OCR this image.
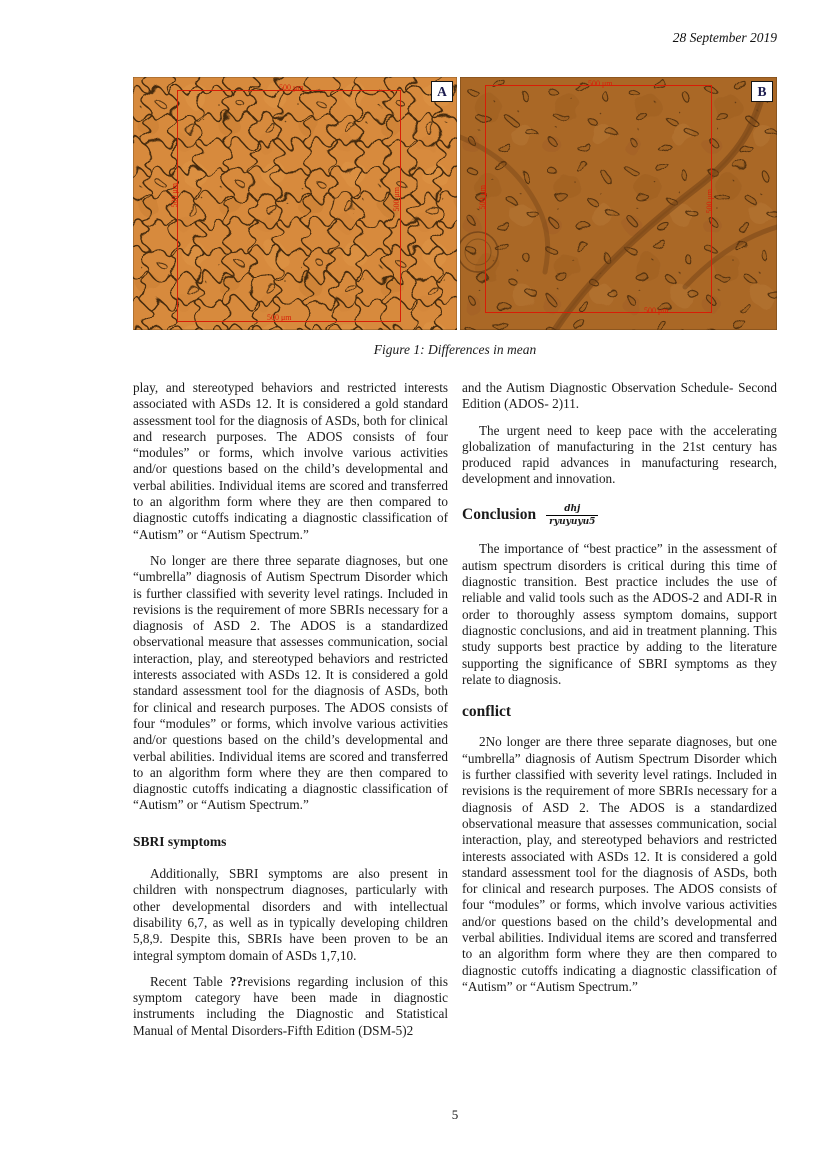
28 September 2019
500 μm
500 μm
500 μm	500 μm
A	500 μm
500 μm
500 μm	500 μm
B
Figure 1: Differences in mean

play, and stereotyped behaviors and restricted interests associated with ASDs 12. It is considered a gold standard assessment tool for the diagnosis of ASDs, both for clinical and research purposes. The ADOS consists of four “modules” or forms, which involve various activities and/or questions based on the child’s developmental and verbal abilities. Individual items are scored and transferred to an algorithm form where they are then compared to diagnostic cutoffs indicating a diagnostic classification of “Autism” or “Autism Spectrum.”

No longer are there three separate diagnoses, but one “umbrella” diagnosis of Autism Spectrum Disorder which is further classified with severity level ratings. Included in revisions is the requirement of more SBRIs necessary for a diagnosis of ASD 2. The ADOS is a standardized observational measure that assesses communication, social interaction, play, and stereotyped behaviors and restricted interests associated with ASDs 12. It is considered a gold standard assessment tool for the diagnosis of ASDs, both for clinical and research purposes. The ADOS consists of four “modules” or forms, which involve various activities and/or questions based on the child’s developmental and verbal abilities. Individual items are scored and transferred to an algorithm form where they are then compared to diagnostic cutoffs indicating a diagnostic classification of “Autism” or “Autism Spectrum.”

SBRI symptoms

Additionally, SBRI symptoms are also present in children with nonspectrum diagnoses, particularly with other developmental disorders and with intellectual disability 6,7, as well as in typically developing children 5,8,9. Despite this, SBRIs have been proven to be an integral symptom domain of ASDs 1,7,10.

Recent Table ??revisions regarding inclusion of this symptom category have been made in diagnostic instruments including the Diagnostic and Statistical Manual of Mental Disorders-Fifth Edition (DSM-5)2

and the Autism Diagnostic Observation Schedule- Second Edition (ADOS- 2)11.

The urgent need to keep pace with the accelerating globalization of manufacturing in the 21st century has produced rapid advances in manufacturing research, development and innovation.

Conclusion $\frac{\text{dhj}}{\text{ryuyuyu5}}$

The importance of “best practice” in the assessment of autism spectrum disorders is critical during this time of diagnostic transition. Best practice includes the use of reliable and valid tools such as the ADOS-2 and ADI-R in order to thoroughly assess symptom domains, support diagnostic conclusions, and aid in treatment planning. This study supports best practice by adding to the literature supporting the significance of SBRI symptoms as they relate to diagnosis.

conflict

2No longer are there three separate diagnoses, but one “umbrella” diagnosis of Autism Spectrum Disorder which is further classified with severity level ratings. Included in revisions is the requirement of more SBRIs necessary for a diagnosis of ASD 2. The ADOS is a standardized observational measure that assesses communication, social interaction, play, and stereotyped behaviors and restricted interests associated with ASDs 12. It is considered a gold standard assessment tool for the diagnosis of ASDs, both for clinical and research purposes. The ADOS consists of four “modules” or forms, which involve various activities and/or questions based on the child’s developmental and verbal abilities. Individual items are scored and transferred to an algorithm form where they are then compared to diagnostic cutoffs indicating a diagnostic classification of “Autism” or “Autism Spectrum.”

5
